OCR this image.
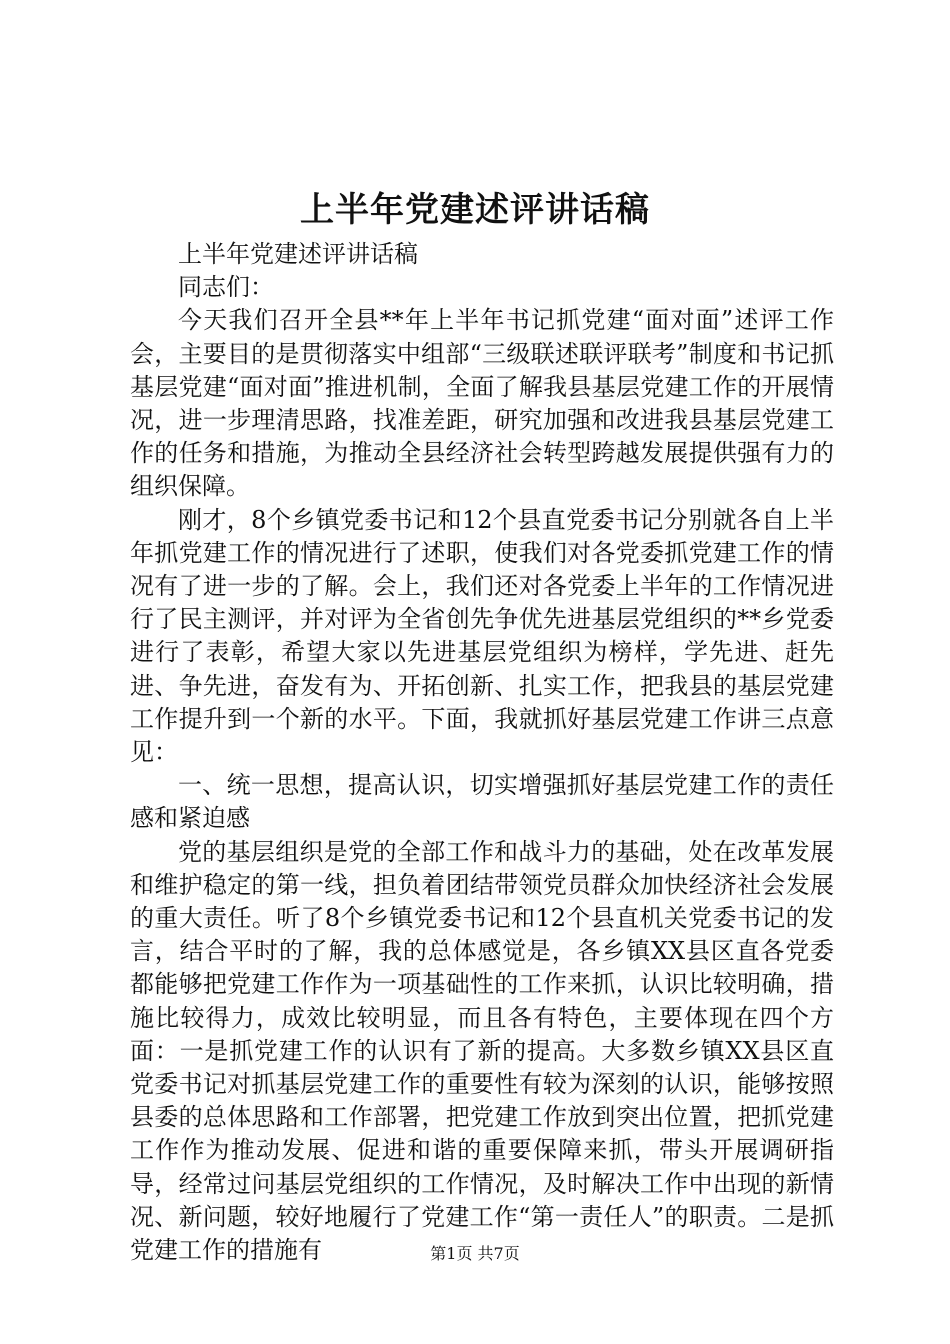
上半年党建述评讲话稿

上半年党建述评讲话稿

同志们：

今天我们召开全县**年上半年书记抓党建“面对面”述评工作会，主要目的是贯彻落实中组部“三级联述联评联考”制度和书记抓基层党建“面对面”推进机制，全面了解我县基层党建工作的开展情况，进一步理清思路，找准差距，研究加强和改进我县基层党建工作的任务和措施，为推动全县经济社会转型跨越发展提供强有力的组织保障。

刚才，8个乡镇党委书记和12个县直党委书记分别就各自上半年抓党建工作的情况进行了述职，使我们对各党委抓党建工作的情况有了进一步的了解。会上，我们还对各党委上半年的工作情况进行了民主测评，并对评为全省创先争优先进基层党组织的**乡党委进行了表彰，希望大家以先进基层党组织为榜样，学先进、赶先进、争先进，奋发有为、开拓创新、扎实工作，把我县的基层党建工作提升到一个新的水平。下面，我就抓好基层党建工作讲三点意见：

一、统一思想，提高认识，切实增强抓好基层党建工作的责任感和紧迫感

党的基层组织是党的全部工作和战斗力的基础，处在改革发展和维护稳定的第一线，担负着团结带领党员群众加快经济社会发展的重大责任。听了8个乡镇党委书记和12个县直机关党委书记的发言，结合平时的了解，我的总体感觉是，各乡镇XX县区直各党委都能够把党建工作作为一项基础性的工作来抓，认识比较明确，措施比较得力，成效比较明显，而且各有特色，主要体现在四个方面：一是抓党建工作的认识有了新的提高。大多数乡镇XX县区直党委书记对抓基层党建工作的重要性有较为深刻的认识，能够按照县委的总体思路和工作部署，把党建工作放到突出位置，把抓党建工作作为推动发展、促进和谐的重要保障来抓，带头开展调研指导，经常过问基层党组织的工作情况，及时解决工作中出现的新情况、新问题，较好地履行了党建工作“第一责任人”的职责。二是抓党建工作的措施有	第1页 共7页
